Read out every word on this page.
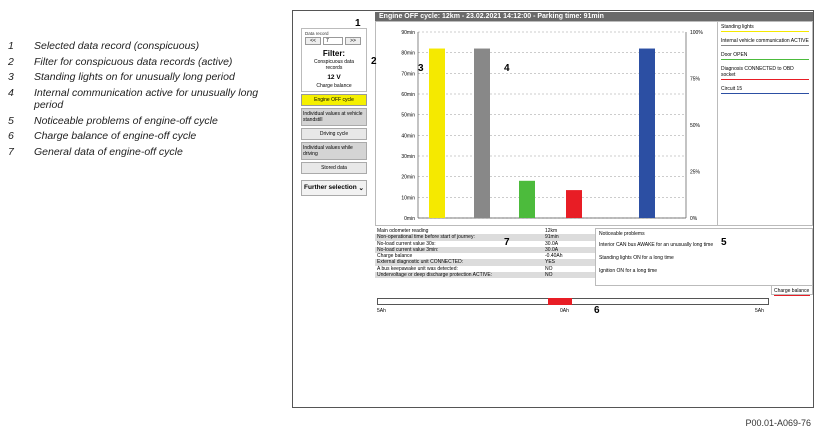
1	Selected data record (conspicuous)
2	Filter for conspicuous data records (active)
3	Standing lights on for unusually long period
4	Internal communication active for unusually long period
5	Noticeable problems of engine-off cycle
6	Charge balance of engine-off cycle
7	General data of engine-off cycle
Data record
<<	7	>>
Filter:
Conspicuous data records
12 V
Charge balance
Engine OFF cycle
Individual values at vehicle standstill
Driving cycle
Individual values while driving
Stored data
Further selection ⌄
Engine OFF cycle: 12km - 23.02.2021 14:12:00 - Parking time: 91min
90min
80min
70min
60min
50min
40min
30min
20min
10min
0min
100%
75%
50%
25%
0%
Standing lights
Internal vehicle communication ACTIVE
Door OPEN
Diagnosis CONNECTED to OBD socket
Circuit 15
Main odometer reading	12km
Non-operational time before start of journey:	91min
No-load current value 30s:	30.0A
No-load current value 3min:	30.0A
Charge balance	-0.40Ah
External diagnostic unit CONNECTED:	YES
A bus keepawake unit was detected:	NO
Undervoltage or deep discharge protection ACTIVE:	NO
Noticeable problems
Interior CAN bus AWAKE for an unusually long time
Standing lights ON for a long time
Ignition ON for a long time
Charge balance
5Ah	0Ah	5Ah
1
2
3	4
5
6
7
P00.01-A069-76
